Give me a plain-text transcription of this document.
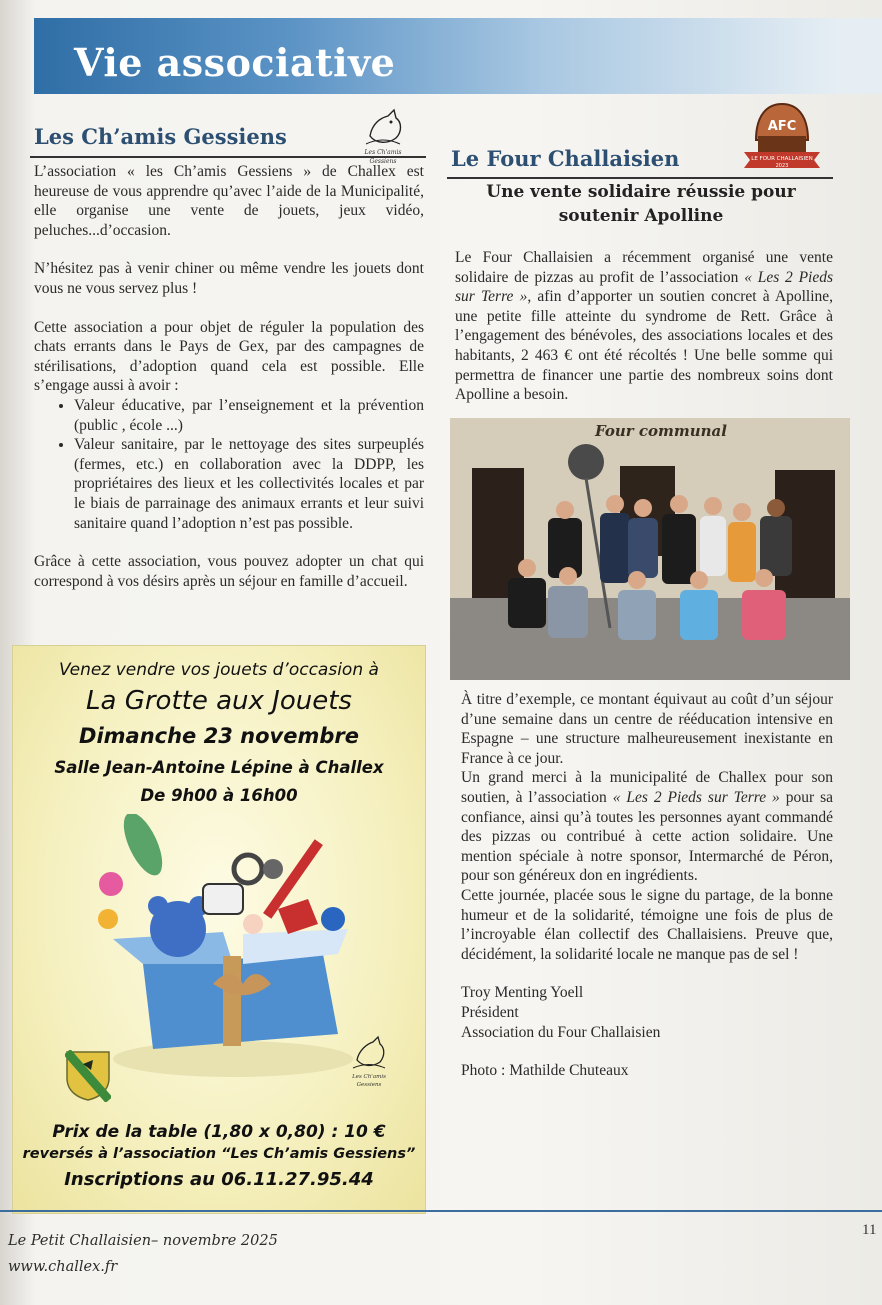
Vie associative
Les Ch’amis Gessiens
Les Ch'amis
Gessiens

L’association « les Ch’amis Gessiens » de Challex est heureuse de vous apprendre qu’avec l’aide de la Municipalité, elle organise une vente de jouets, jeux vidéo, peluches...d’occasion.

N’hésitez pas à venir chiner ou même vendre les jouets dont vous ne vous servez plus !

Cette association a pour objet de réguler la population des chats errants dans le Pays de Gex, par des campagnes de stérilisations, d’adoption quand cela est possible. Elle s’engage aussi à avoir :

• Valeur éducative, par l’enseignement et la prévention (public , école ...)
• Valeur sanitaire, par le nettoyage des sites surpeuplés (fermes, etc.) en collaboration avec la DDPP, les propriétaires des lieux et les collectivités locales et par le biais de parrainage des animaux errants et leur suivi sanitaire quand l’adoption n’est pas possible.

Grâce à cette association, vous pouvez adopter un chat qui correspond à vos désirs après un séjour en famille d’accueil.

Venez vendre vos jouets d’occasion à
La Grotte aux Jouets
Dimanche 23 novembre
Salle Jean-Antoine Lépine à Challex
De 9h00 à 16h00
Les Ch'amis
Gessiens
Prix de la table (1,80 x 0,80) : 10 €
reversés à l’association “Les Ch’amis Gessiens”
Inscriptions au 06.11.27.95.44
Le Four Challaisien
AFC
LE FOUR CHALLAISIEN
2023
Une vente solidaire réussie pour soutenir Apolline
Le Four Challaisien a récemment organisé une vente solidaire de pizzas au profit de l’association « Les 2 Pieds sur Terre », afin d’apporter un soutien concret à Apolline, une petite fille atteinte du syndrome de Rett. Grâce à l’engagement des bénévoles, des associations locales et des habitants, 2 463 € ont été récoltés ! Une belle somme qui permettra de financer une partie des nombreux soins dont Apolline a besoin.
Four communal
À titre d’exemple, ce montant équivaut au coût d’un séjour d’une semaine dans un centre de rééducation intensive en Espagne – une structure malheureusement inexistante en France à ce jour.
Un grand merci à la municipalité de Challex pour son soutien, à l’association « Les 2 Pieds sur Terre » pour sa confiance, ainsi qu’à toutes les personnes ayant commandé des pizzas ou contribué à cette action solidaire. Une mention spéciale à notre sponsor, Intermarché de Péron, pour son généreux don en ingrédients.
Cette journée, placée sous le signe du partage, de la bonne humeur et de la solidarité, témoigne une fois de plus de l’incroyable élan collectif des Challaisiens. Preuve que, décidément, la solidarité locale ne manque pas de sel !
Troy Menting Yoell
Président
Association du Four Challaisien
Photo : Mathilde Chuteaux
Le Petit Challaisien– novembre 2025
www.challex.fr
11
